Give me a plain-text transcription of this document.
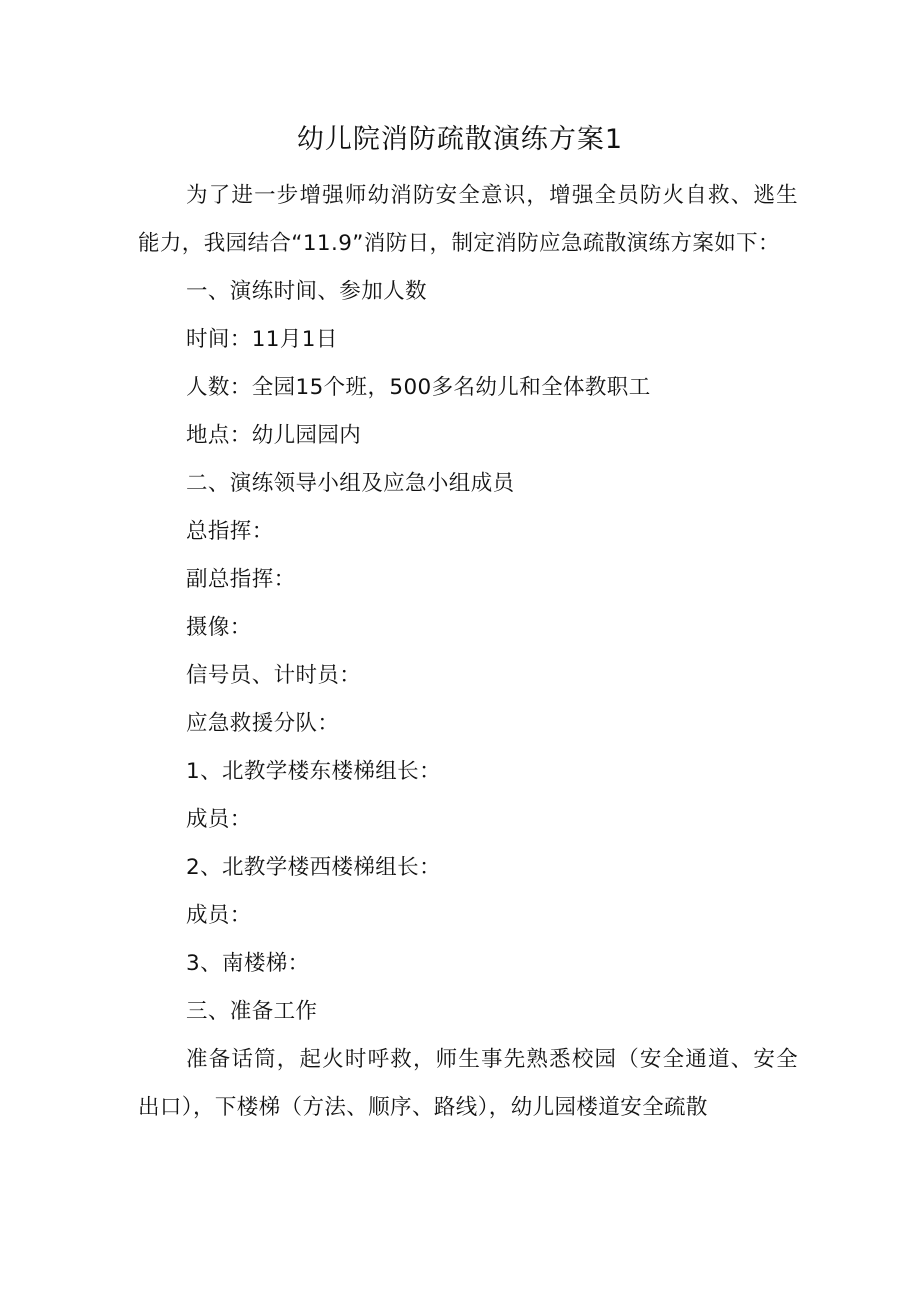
幼儿院消防疏散演练方案1

为了进一步增强师幼消防安全意识，增强全员防火自救、逃生能力，我园结合“11.9”消防日，制定消防应急疏散演练方案如下：

一、演练时间、参加人数
时间：11月1日
人数：全园15个班，500多名幼儿和全体教职工
地点：幼儿园园内
二、演练领导小组及应急小组成员
总指挥：
副总指挥：
摄像：
信号员、计时员：
应急救援分队：
1、北教学楼东楼梯组长：
成员：
2、北教学楼西楼梯组长：
成员：
3、南楼梯：
三、准备工作

准备话筒，起火时呼救，师生事先熟悉校园（安全通道、安全出口），下楼梯（方法、顺序、路线），幼儿园楼道安全疏散
